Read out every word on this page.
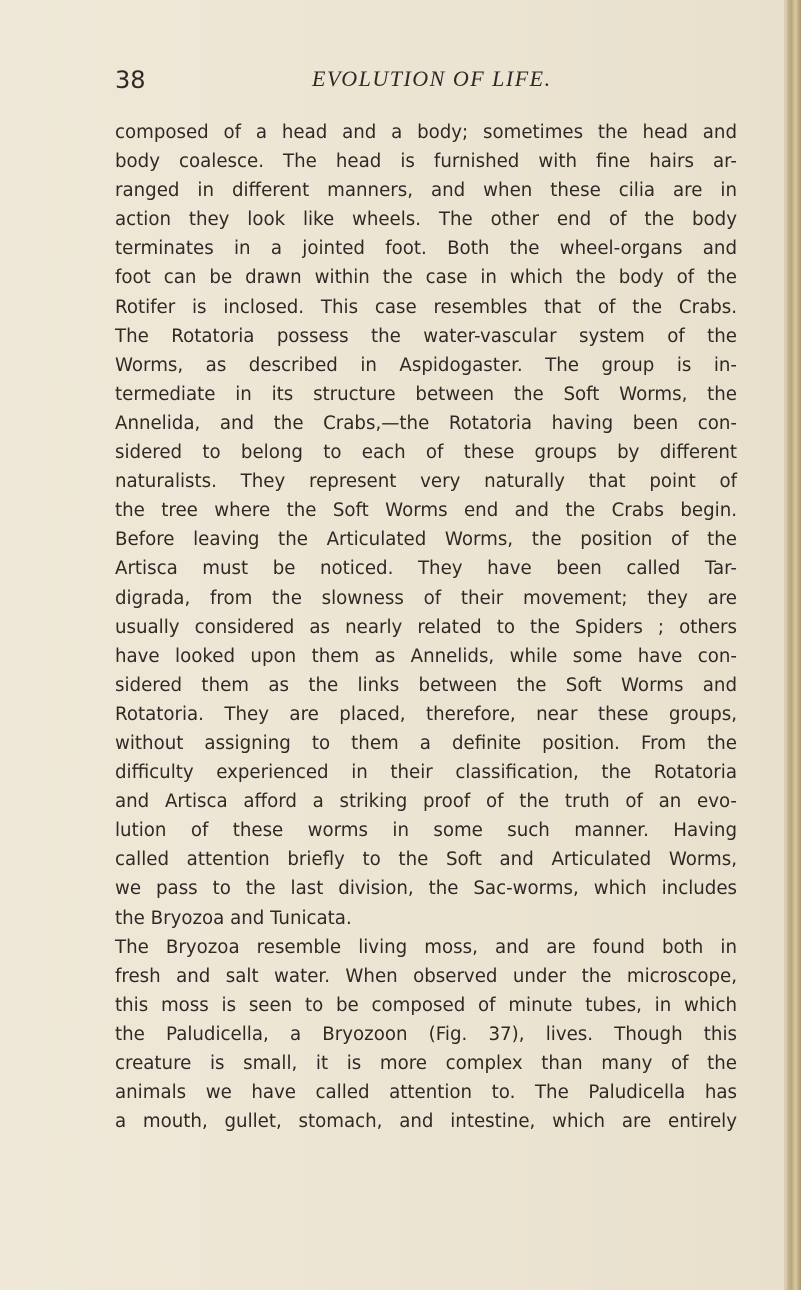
38	EVOLUTION OF LIFE.
composed of a head and a body; sometimes the head and
body coalesce. The head is furnished with fine hairs ar-
ranged in different manners, and when these cilia are in
action they look like wheels. The other end of the body
terminates in a jointed foot. Both the wheel-organs and
foot can be drawn within the case in which the body of the
Rotifer is inclosed. This case resembles that of the Crabs.
The Rotatoria possess the water-vascular system of the
Worms, as described in Aspidogaster. The group is in-
termediate in its structure between the Soft Worms, the
Annelida, and the Crabs,—the Rotatoria having been con-
sidered to belong to each of these groups by different
naturalists. They represent very naturally that point of
the tree where the Soft Worms end and the Crabs begin.
Before leaving the Articulated Worms, the position of the
Artisca must be noticed. They have been called Tar-
digrada, from the slowness of their movement; they are
usually considered as nearly related to the Spiders ; others
have looked upon them as Annelids, while some have con-
sidered them as the links between the Soft Worms and
Rotatoria. They are placed, therefore, near these groups,
without assigning to them a definite position. From the
difficulty experienced in their classification, the Rotatoria
and Artisca afford a striking proof of the truth of an evo-
lution of these worms in some such manner. Having
called attention briefly to the Soft and Articulated Worms,
we pass to the last division, the Sac-worms, which includes
the Bryozoa and Tunicata.
The Bryozoa resemble living moss, and are found both in
fresh and salt water. When observed under the microscope,
this moss is seen to be composed of minute tubes, in which
the Paludicella, a Bryozoon (Fig. 37), lives. Though this
creature is small, it is more complex than many of the
animals we have called attention to. The Paludicella has
a mouth, gullet, stomach, and intestine, which are entirely
